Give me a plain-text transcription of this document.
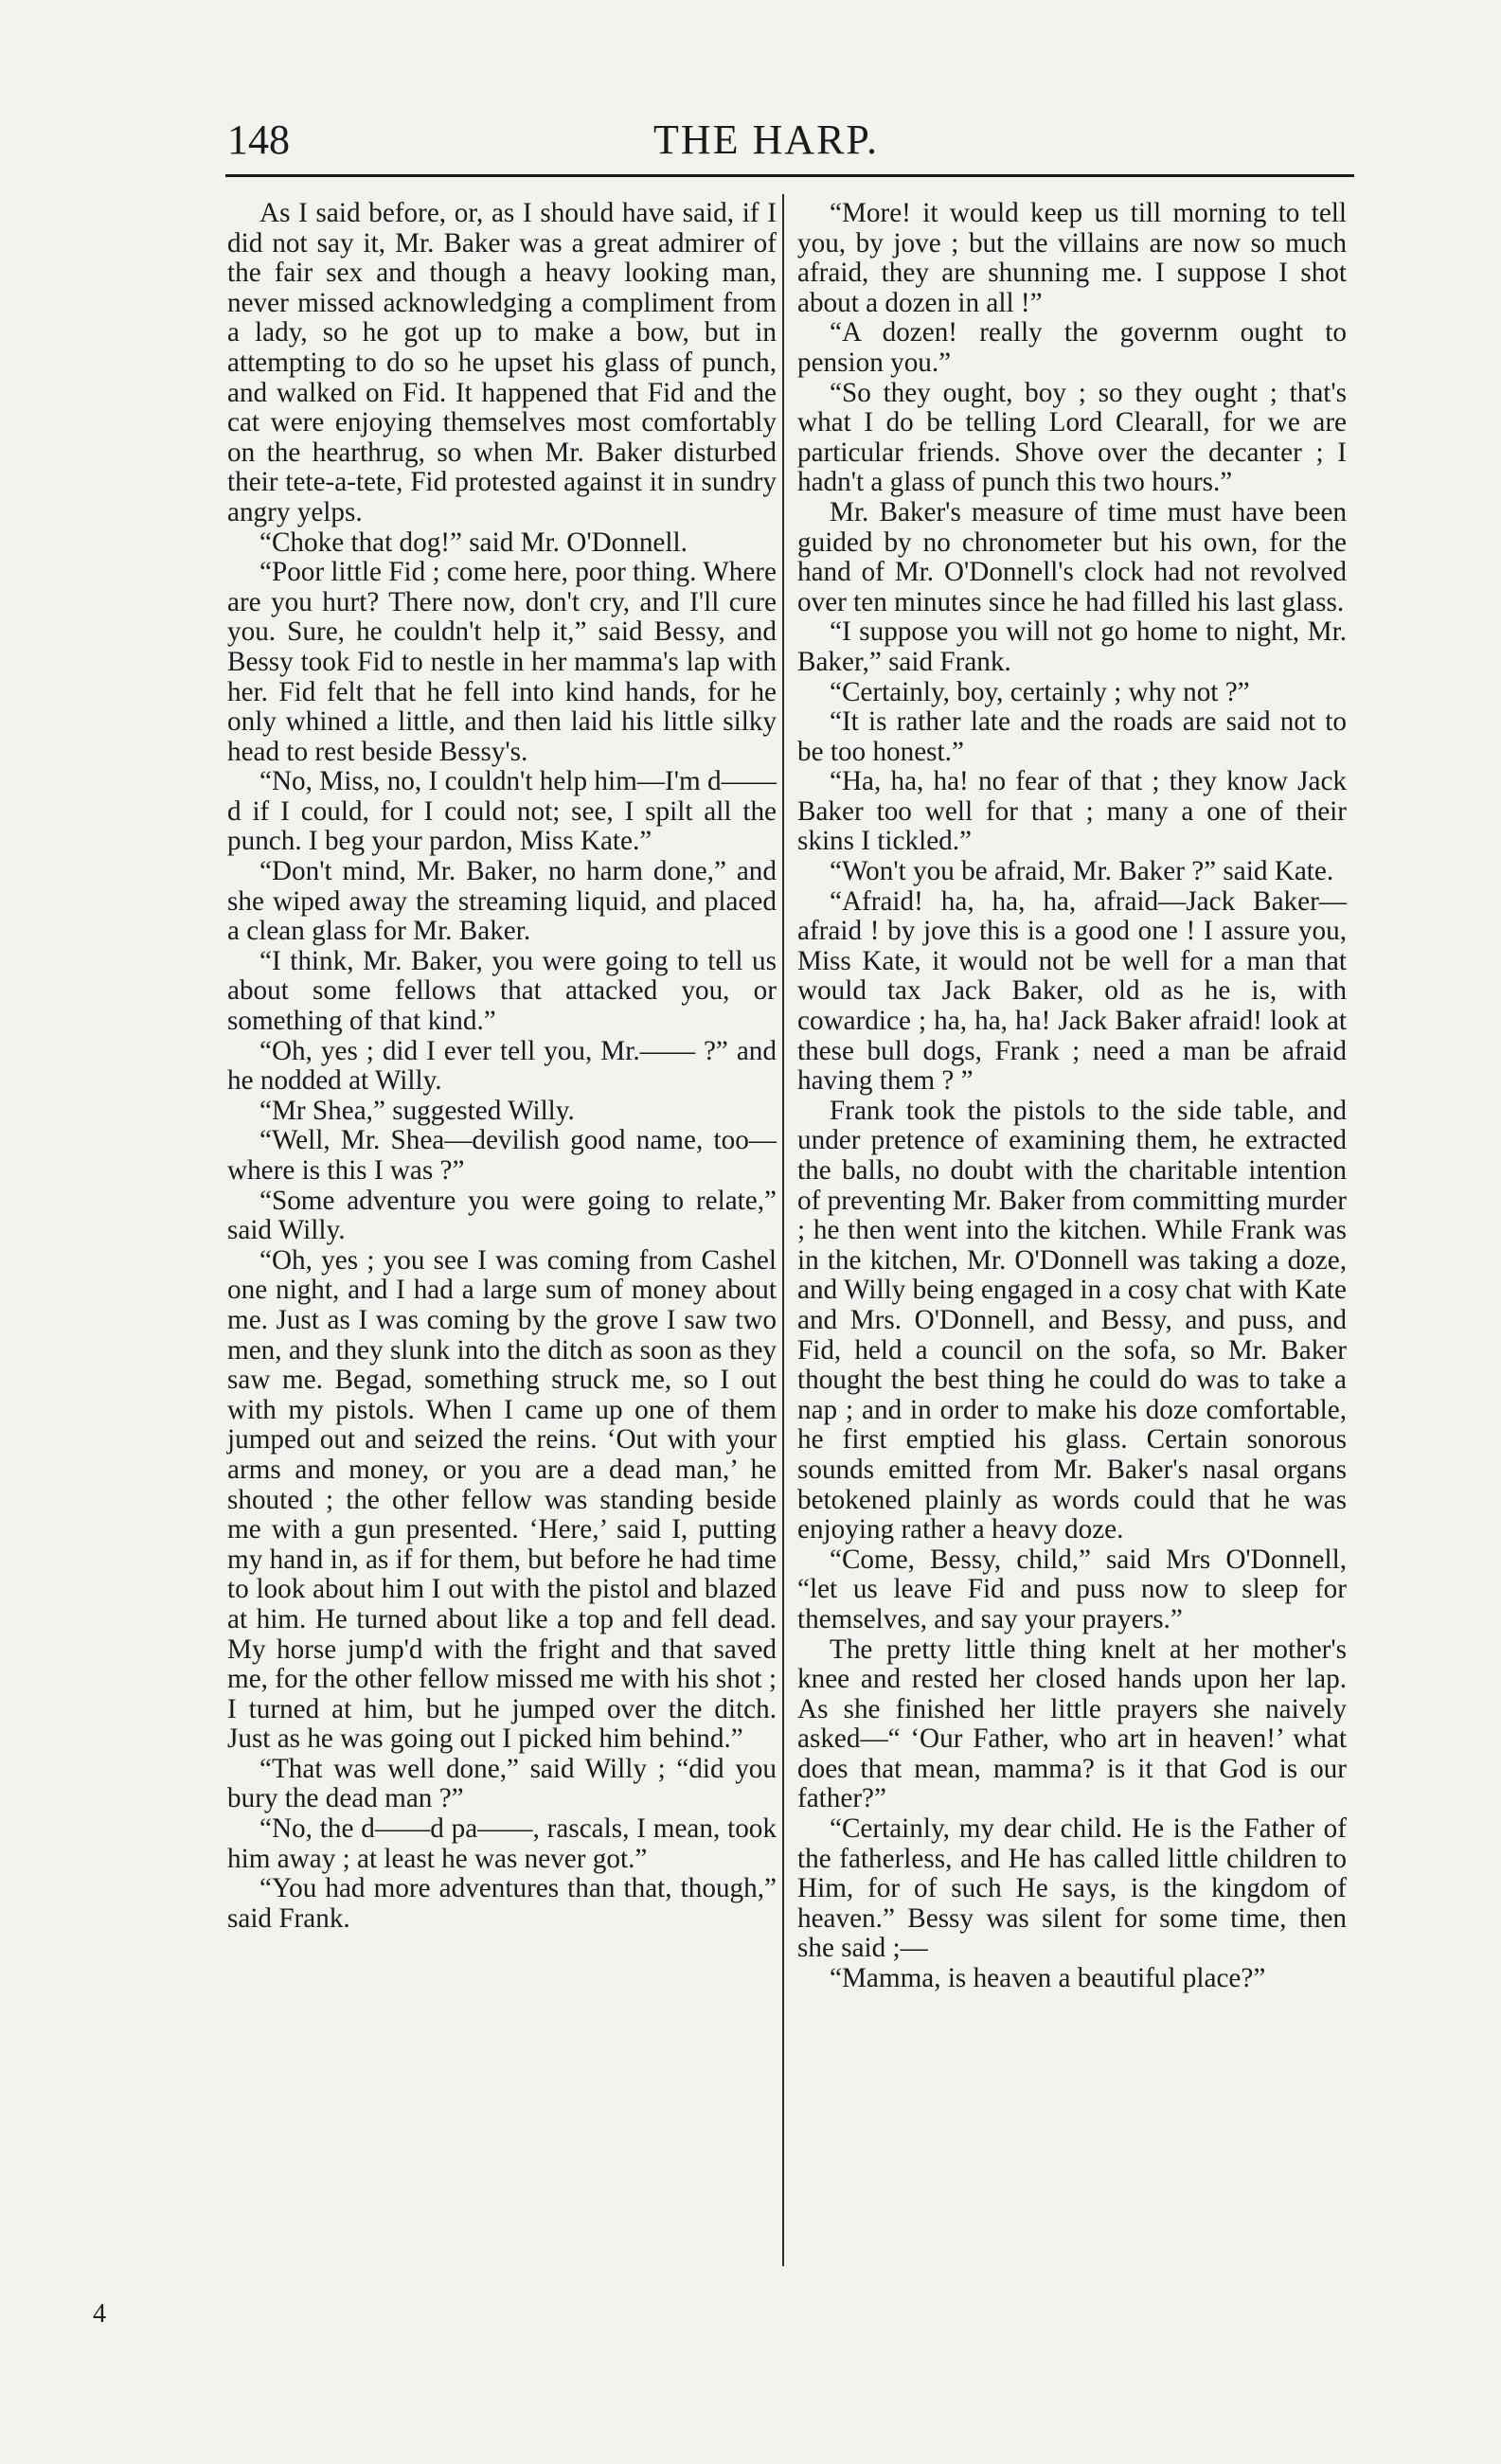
148	THE HARP.

As I said before, or, as I should have said, if I did not say it, Mr. Baker was a great admirer of the fair sex and though a heavy looking man, never missed acknowledging a compliment from a lady, so he got up to make a bow, but in attempting to do so he upset his glass of punch, and walked on Fid. It happened that Fid and the cat were enjoying themselves most comfortably on the hearthrug, so when Mr. Baker disturbed their tete-a-tete, Fid protested against it in sundry angry yelps.

“Choke that dog!” said Mr. O'Donnell.

“Poor little Fid ; come here, poor thing. Where are you hurt? There now, don't cry, and I'll cure you. Sure, he couldn't help it,” said Bessy, and Bessy took Fid to nestle in her mamma's lap with her. Fid felt that he fell into kind hands, for he only whined a little, and then laid his little silky head to rest beside Bessy's.

“No, Miss, no, I couldn't help him—I'm d——d if I could, for I could not; see, I spilt all the punch. I beg your pardon, Miss Kate.”

“Don't mind, Mr. Baker, no harm done,” and she wiped away the streaming liquid, and placed a clean glass for Mr. Baker.

“I think, Mr. Baker, you were going to tell us about some fellows that attacked you, or something of that kind.”

“Oh, yes ; did I ever tell you, Mr.—— ?” and he nodded at Willy.

“Mr Shea,” suggested Willy.

“Well, Mr. Shea—devilish good name, too—where is this I was ?”

“Some adventure you were going to relate,” said Willy.

“Oh, yes ; you see I was coming from Cashel one night, and I had a large sum of money about me. Just as I was coming by the grove I saw two men, and they slunk into the ditch as soon as they saw me. Begad, something struck me, so I out with my pistols. When I came up one of them jumped out and seized the reins. ‘Out with your arms and money, or you are a dead man,’ he shouted ; the other fellow was standing beside me with a gun presented. ‘Here,’ said I, putting my hand in, as if for them, but before he had time to look about him I out with the pistol and blazed at him. He turned about like a top and fell dead. My horse jump'd with the fright and that saved me, for the other fellow missed me with his shot ; I turned at him, but he jumped over the ditch. Just as he was going out I picked him behind.”

“That was well done,” said Willy ; “did you bury the dead man ?”

“No, the d——d pa——, rascals, I mean, took him away ; at least he was never got.”

“You had more adventures than that, though,” said Frank.

“More! it would keep us till morning to tell you, by jove ; but the villains are now so much afraid, they are shunning me. I suppose I shot about a dozen in all !”

“A dozen! really the governm ought to pension you.”

“So they ought, boy ; so they ought ; that's what I do be telling Lord Clearall, for we are particular friends. Shove over the decanter ; I hadn't a glass of punch this two hours.”

Mr. Baker's measure of time must have been guided by no chronometer but his own, for the hand of Mr. O'Donnell's clock had not revolved over ten minutes since he had filled his last glass.

“I suppose you will not go home to night, Mr. Baker,” said Frank.

“Certainly, boy, certainly ; why not ?”

“It is rather late and the roads are said not to be too honest.”

“Ha, ha, ha! no fear of that ; they know Jack Baker too well for that ; many a one of their skins I tickled.”

“Won't you be afraid, Mr. Baker ?” said Kate.

“Afraid! ha, ha, ha, afraid—Jack Baker—afraid ! by jove this is a good one ! I assure you, Miss Kate, it would not be well for a man that would tax Jack Baker, old as he is, with cowardice ; ha, ha, ha! Jack Baker afraid! look at these bull dogs, Frank ; need a man be afraid having them ? ”

Frank took the pistols to the side table, and under pretence of examining them, he extracted the balls, no doubt with the charitable intention of preventing Mr. Baker from committing murder ; he then went into the kitchen. While Frank was in the kitchen, Mr. O'Donnell was taking a doze, and Willy being engaged in a cosy chat with Kate and Mrs. O'Donnell, and Bessy, and puss, and Fid, held a council on the sofa, so Mr. Baker thought the best thing he could do was to take a nap ; and in order to make his doze comfortable, he first emptied his glass. Certain sonorous sounds emitted from Mr. Baker's nasal organs betokened plainly as words could that he was enjoying rather a heavy doze.

“Come, Bessy, child,” said Mrs O'Donnell, “let us leave Fid and puss now to sleep for themselves, and say your prayers.”

The pretty little thing knelt at her mother's knee and rested her closed hands upon her lap. As she finished her little prayers she naively asked—“ ‘Our Father, who art in heaven!’ what does that mean, mamma? is it that God is our father?”

“Certainly, my dear child. He is the Father of the fatherless, and He has called little children to Him, for of such He says, is the kingdom of heaven.” Bessy was silent for some time, then she said ;—

“Mamma, is heaven a beautiful place?”

4
